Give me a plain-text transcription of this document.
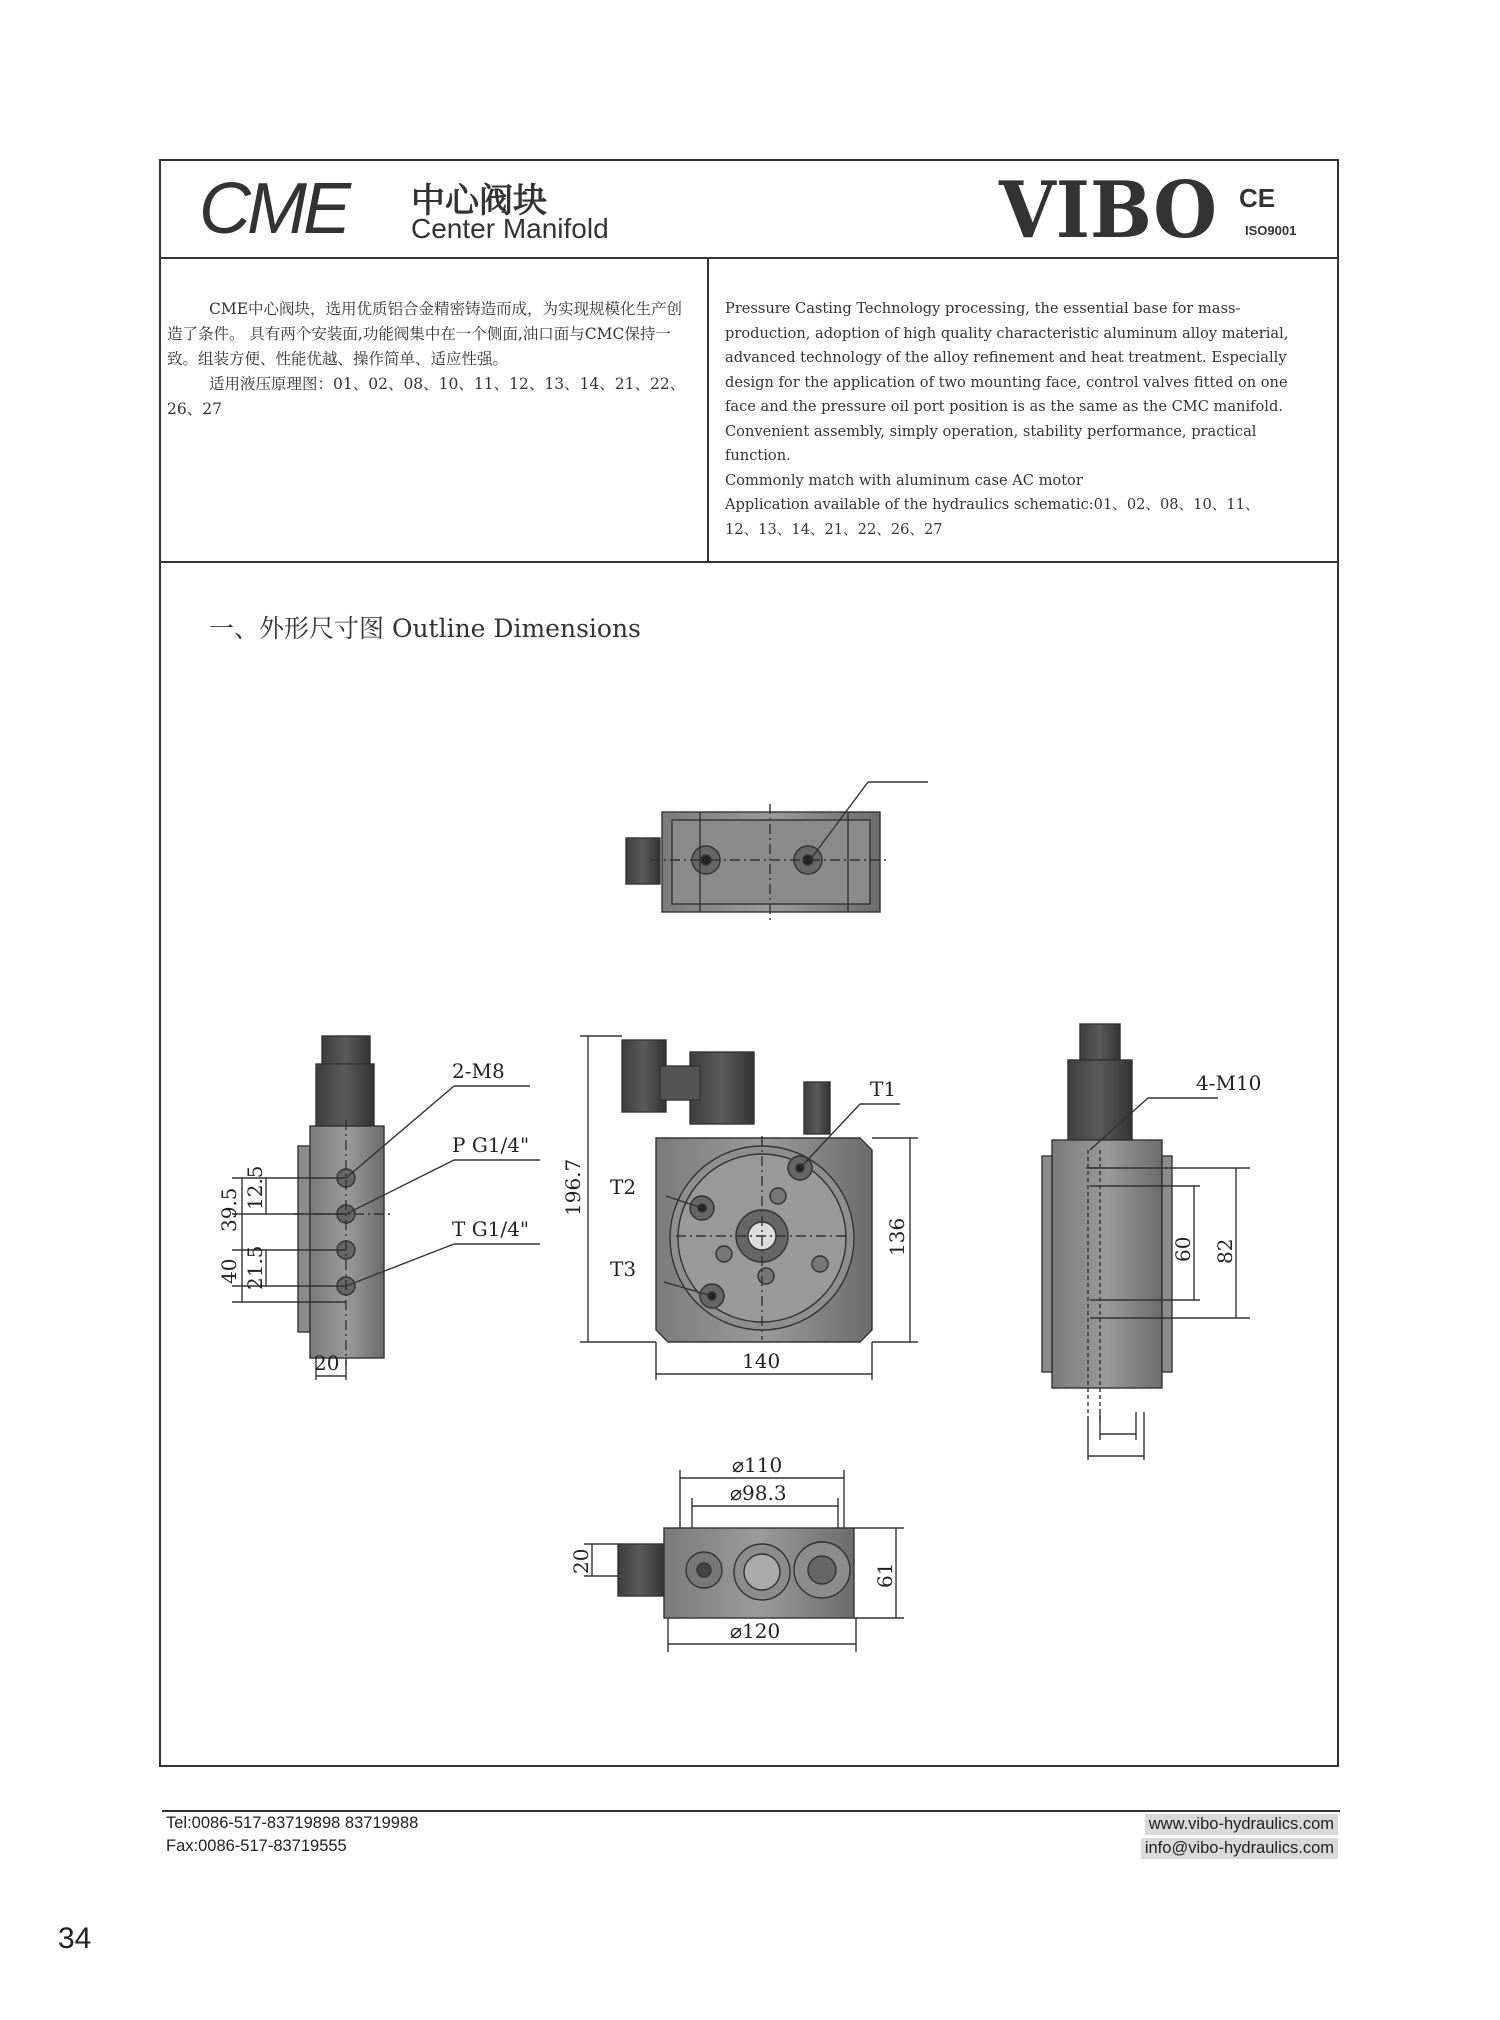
CME 中心阀块
Center Manifold	VIBO CE
ISO9001

CME中心阀块，选用优质铝合金精密铸造而成，为实现规模化生产创造了条件。 具有两个安装面,功能阀集中在一个侧面,油口面与CMC保持一致。组装方便、性能优越、操作简单、适应性强。

适用液压原理图：01、02、08、10、11、12、13、14、21、22、26、27

Pressure Casting Technology processing, the essential base for mass-

production, adoption of high quality characteristic aluminum alloy material,

advanced technology of the alloy refinement and heat treatment. Especially

design for the application of two mounting face, control valves fitted on one

face and the pressure oil port position is as the same as the CMC manifold.

Convenient assembly, simply operation, stability performance, practical function.

Commonly match with aluminum case AC motor

Application available of the hydraulics schematic:01、02、08、10、11、

12、13、14、21、22、26、27

一、外形尺寸图 Outline Dimensions
2-M8
P G1/4"
T G1/4"
39.5 12.5
40 21.5
20
196.7
T1
T2
T3
136
140
4-M10
60 82
⌀110
⌀98.3
20
61
⌀120
Tel:0086-517-83719898 83719988
Fax:0086-517-83719555
www.vibo-hydraulics.com
info@vibo-hydraulics.com
34
